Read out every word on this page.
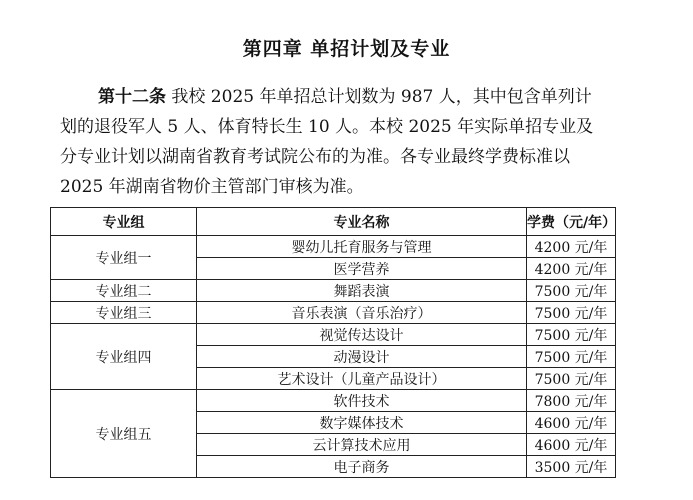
第四章 单招计划及专业
第十二条 我校 2025 年单招总计划数为 987 人，其中包含单列计
划的退役军人 5 人、体育特长生 10 人。本校 2025 年实际单招专业及
分专业计划以湖南省教育考试院公布的为准。各专业最终学费标准以
2025 年湖南省物价主管部门审核为准。
专业组	专业名称	学费（元/年）
专业组一	婴幼儿托育服务与管理	4200 元/年
	医学营养	4200 元/年
专业组二	舞蹈表演	7500 元/年
专业组三	音乐表演（音乐治疗）	7500 元/年
专业组四	视觉传达设计	7500 元/年
	动漫设计	7500 元/年
	艺术设计（儿童产品设计）	7500 元/年
专业组五	软件技术	7800 元/年
	数字媒体技术	4600 元/年
	云计算技术应用	4600 元/年
	电子商务	3500 元/年
